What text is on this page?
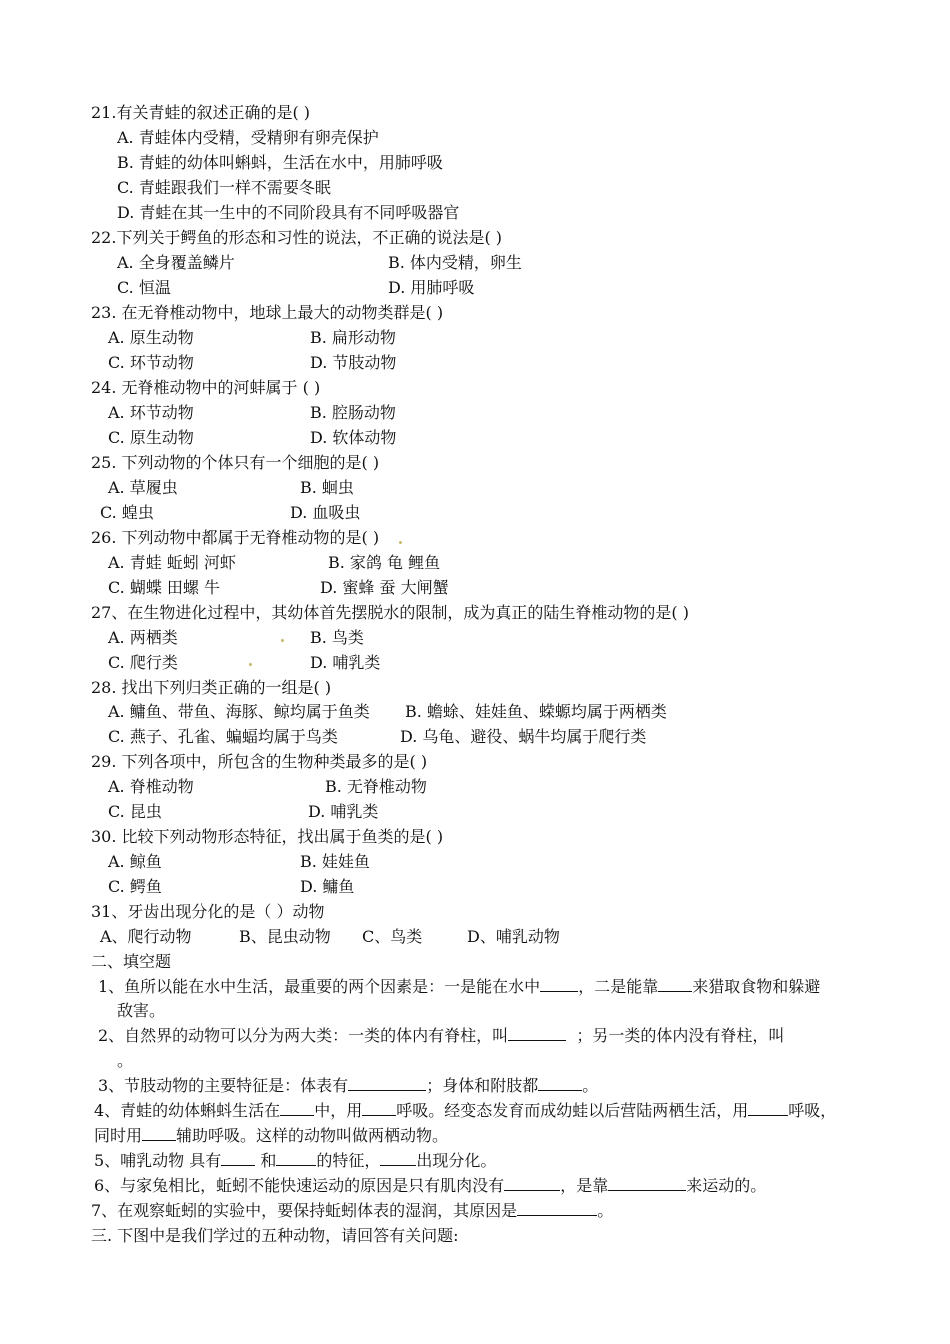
21.有关青蛙的叙述正确的是( )
A. 青蛙体内受精，受精卵有卵壳保护
B. 青蛙的幼体叫蝌蚪，生活在水中，用肺呼吸
C. 青蛙跟我们一样不需要冬眠
D. 青蛙在其一生中的不同阶段具有不同呼吸器官
22.下列关于鳄鱼的形态和习性的说法，不正确的说法是( )
A. 全身覆盖鳞片	B. 体内受精，卵生
C. 恒温	D. 用肺呼吸
23. 在无脊椎动物中，地球上最大的动物类群是( )
A. 原生动物	B. 扁形动物
C. 环节动物	D. 节肢动物
24. 无脊椎动物中的河蚌属于 ( )
A. 环节动物	B. 腔肠动物
C. 原生动物	D. 软体动物
25. 下列动物的个体只有一个细胞的是( )
A. 草履虫	B. 蛔虫
C. 蝗虫	D. 血吸虫
26. 下列动物中都属于无脊椎动物的是( )
A. 青蛙 蚯蚓 河虾	B. 家鸽 龟 鲤鱼
C. 蝴蝶 田螺 牛	D. 蜜蜂 蚕 大闸蟹
27、在生物进化过程中，其幼体首先摆脱水的限制，成为真正的陆生脊椎动物的是( )
A. 两栖类	B. 鸟类
C. 爬行类	D. 哺乳类
28. 找出下列归类正确的一组是( )
A. 鳙鱼、带鱼、海豚、鲸均属于鱼类 B. 蟾蜍、娃娃鱼、蝾螈均属于两栖类
C. 燕子、孔雀、蝙蝠均属于鸟类	D. 乌龟、避役、蜗牛均属于爬行类
29. 下列各项中，所包含的生物种类最多的是( )
A. 脊椎动物	B. 无脊椎动物
C. 昆虫	D. 哺乳类
30. 比较下列动物形态特征，找出属于鱼类的是( )
A. 鲸鱼	B. 娃娃鱼
C. 鳄鱼	D. 鳙鱼
31、牙齿出现分化的是（ ）动物
A、爬行动物	B、昆虫动物 C、鸟类	D、哺乳动物
二、填空题
1、鱼所以能在水中生活，最重要的两个因素是：一是能在水中 ，二是能靠 来猎取食物和躲避
敌害。
2、自然界的动物可以分为两大类：一类的体内有脊柱，叫	；另一类的体内没有脊柱，叫
。
3、节肢动物的主要特征是：体表有	；身体和附肢都	。
4、青蛙的幼体蝌蚪生活在 中，用 呼吸。经变态发育而成幼蛙以后营陆两栖生活，用	呼吸，
同时用 辅助呼吸。这样的动物叫做两栖动物。
5、哺乳动物 具有 和	的特征， 出现分化。
6、与家兔相比，蚯蚓不能快速运动的原因是只有肌肉没有	，是靠	来运动的。
7、在观察蚯蚓的实验中，要保持蚯蚓体表的湿润，其原因是	。
三. 下图中是我们学过的五种动物，请回答有关问题:
